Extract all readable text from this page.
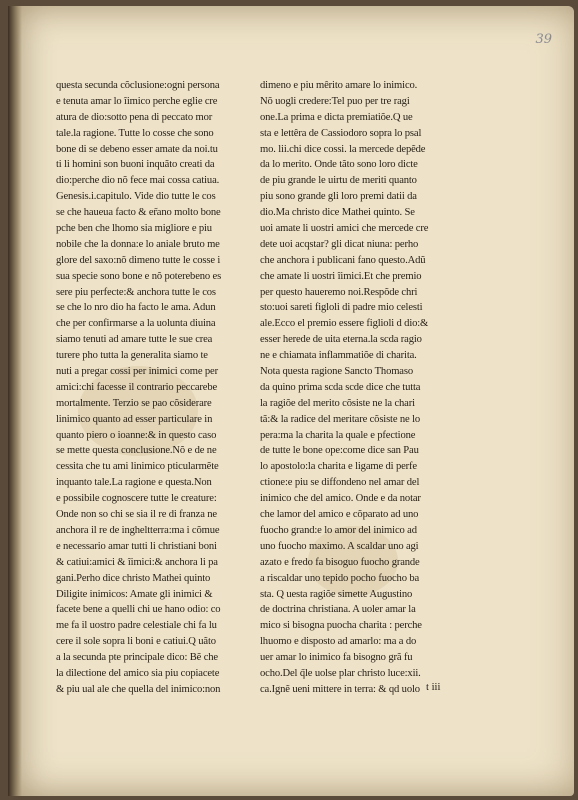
39
questa secunda cõclusione:ogni persona
e tenuta amar lo îimico perche eglie cre
atura de dio:sotto pena di peccato mor
tale.la ragione. Tutte lo cosse che sono
bone di se debeno esser amate da noi.tu
ti li homini son buoni inquãto creati da
dio:perche dio nõ fece mai cossa catiua.
Genesis.i.capitulo. Vide dio tutte le cos
se che haueua facto & er̃ano molto bone
pche ben che lhomo sia migliore e piu
nobile che la donna:e lo aniale bruto me
glore del saxo:nõ dimeno tutte le cosse i
sua specie sono bone e nõ poterebeno es
sere piu perfecte:& anchora tutte le cos
se che lo nro dio ha facto le ama. Adun
che per confirmarse a la uolunta diuina
siamo tenuti ad amare tutte le sue crea
turere pho tutta la generalita siamo te
nuti a pregar cossi per inimici come per
amici:chi facesse il contrario peccarebe
mortalmente. Terzio se pao cõsiderare
linimico quanto ad esser particulare in
quanto piero o ioanne:& in questo caso
se mette questa conclusione.Nõ e de ne
cessita che tu ami linimico pticularmẽte
inquanto tale.La ragione e questa.Non
e possibile cognoscere tutte le creature:
Onde non so chi se sia il re di franza ne
anchora il re de ingheltterra:ma i cõmue
e necessario amar tutti li christiani boni
& catiui:amici & îimici:& anchora li pa
gani.Perho dice christo Mathei quinto
Diligite inimicos: Amate gli inimici &
facete bene a quelli chi ue hano odio: co
me fa il uostro padre celestiale chi fa lu
cere il sole sopra li boni e catiui.Q uãto
a la secunda pte principale dico: Bẽ che
la dilectione del amico sia piu copiacete
& piu ual ale che quella del inimico:non
dimeno e piu mêrito amare lo inimico.
Nõ uogli credere:Tel puo per tre ragi
one.La prima e dicta premiatiõe.Q ue
sta e lettêra de Cassiodoro sopra lo psal
mo. lii.chi dice cossi. la mercede depẽde
da lo merito. Onde tãto sono loro dicte
de piu grande le uirtu de meriti quanto
piu sono grande gli loro premi datii da
dio.Ma christo dice Mathei quinto. Se
uoi amate li uostri amici che mercede cre
dete uoi acqstar? gli dicat niuna: perho
che anchora i publicani fano questo.Adũ
che amate li uostri îimici.Et che premio
per questo haueremo noi.Respõde chri
sto:uoi sareti figloli di padre mio celesti
ale.Ecco el premio essere figlioli d dio:&
esser herede de uita eterna.la scda ragio
ne e chiamata inflammatiõe di charita.
Nota questa ragione Sancto Thomaso
da quino prima scda scde dice che tutta
la ragiõe del merito cõsiste ne la chari
tã:& la radice del meritare cõsiste ne lo
pera:ma la charita la quale e pfectione
de tutte le bone ope:come dice san Pau
lo apostolo:la charita e ligame di perfe
ctione:e piu se diffondeno nel amar del
inimico che del amico. Onde e da notar
che lamor del amico e cõparato ad uno
fuocho grand:e lo amor del inimico ad
uno fuocho maximo. A scaldar uno agi
azato e fredo fa bisoguo fuocho grande
a riscaldar uno tepido pocho fuocho ba
sta. Q uesta ragiõe simette Augustino
de doctrina christiana. A uoler amar la
mico si bisogna puocha charita : perche
lhuomo e disposto ad amarlo: ma a do
uer amar lo inimico fa bisogno grã fu
ocho.Del q̃le uolse plar christo luce:xii.
ca.Ignẽ ueni mittere in terra: & qd uolo t iii
